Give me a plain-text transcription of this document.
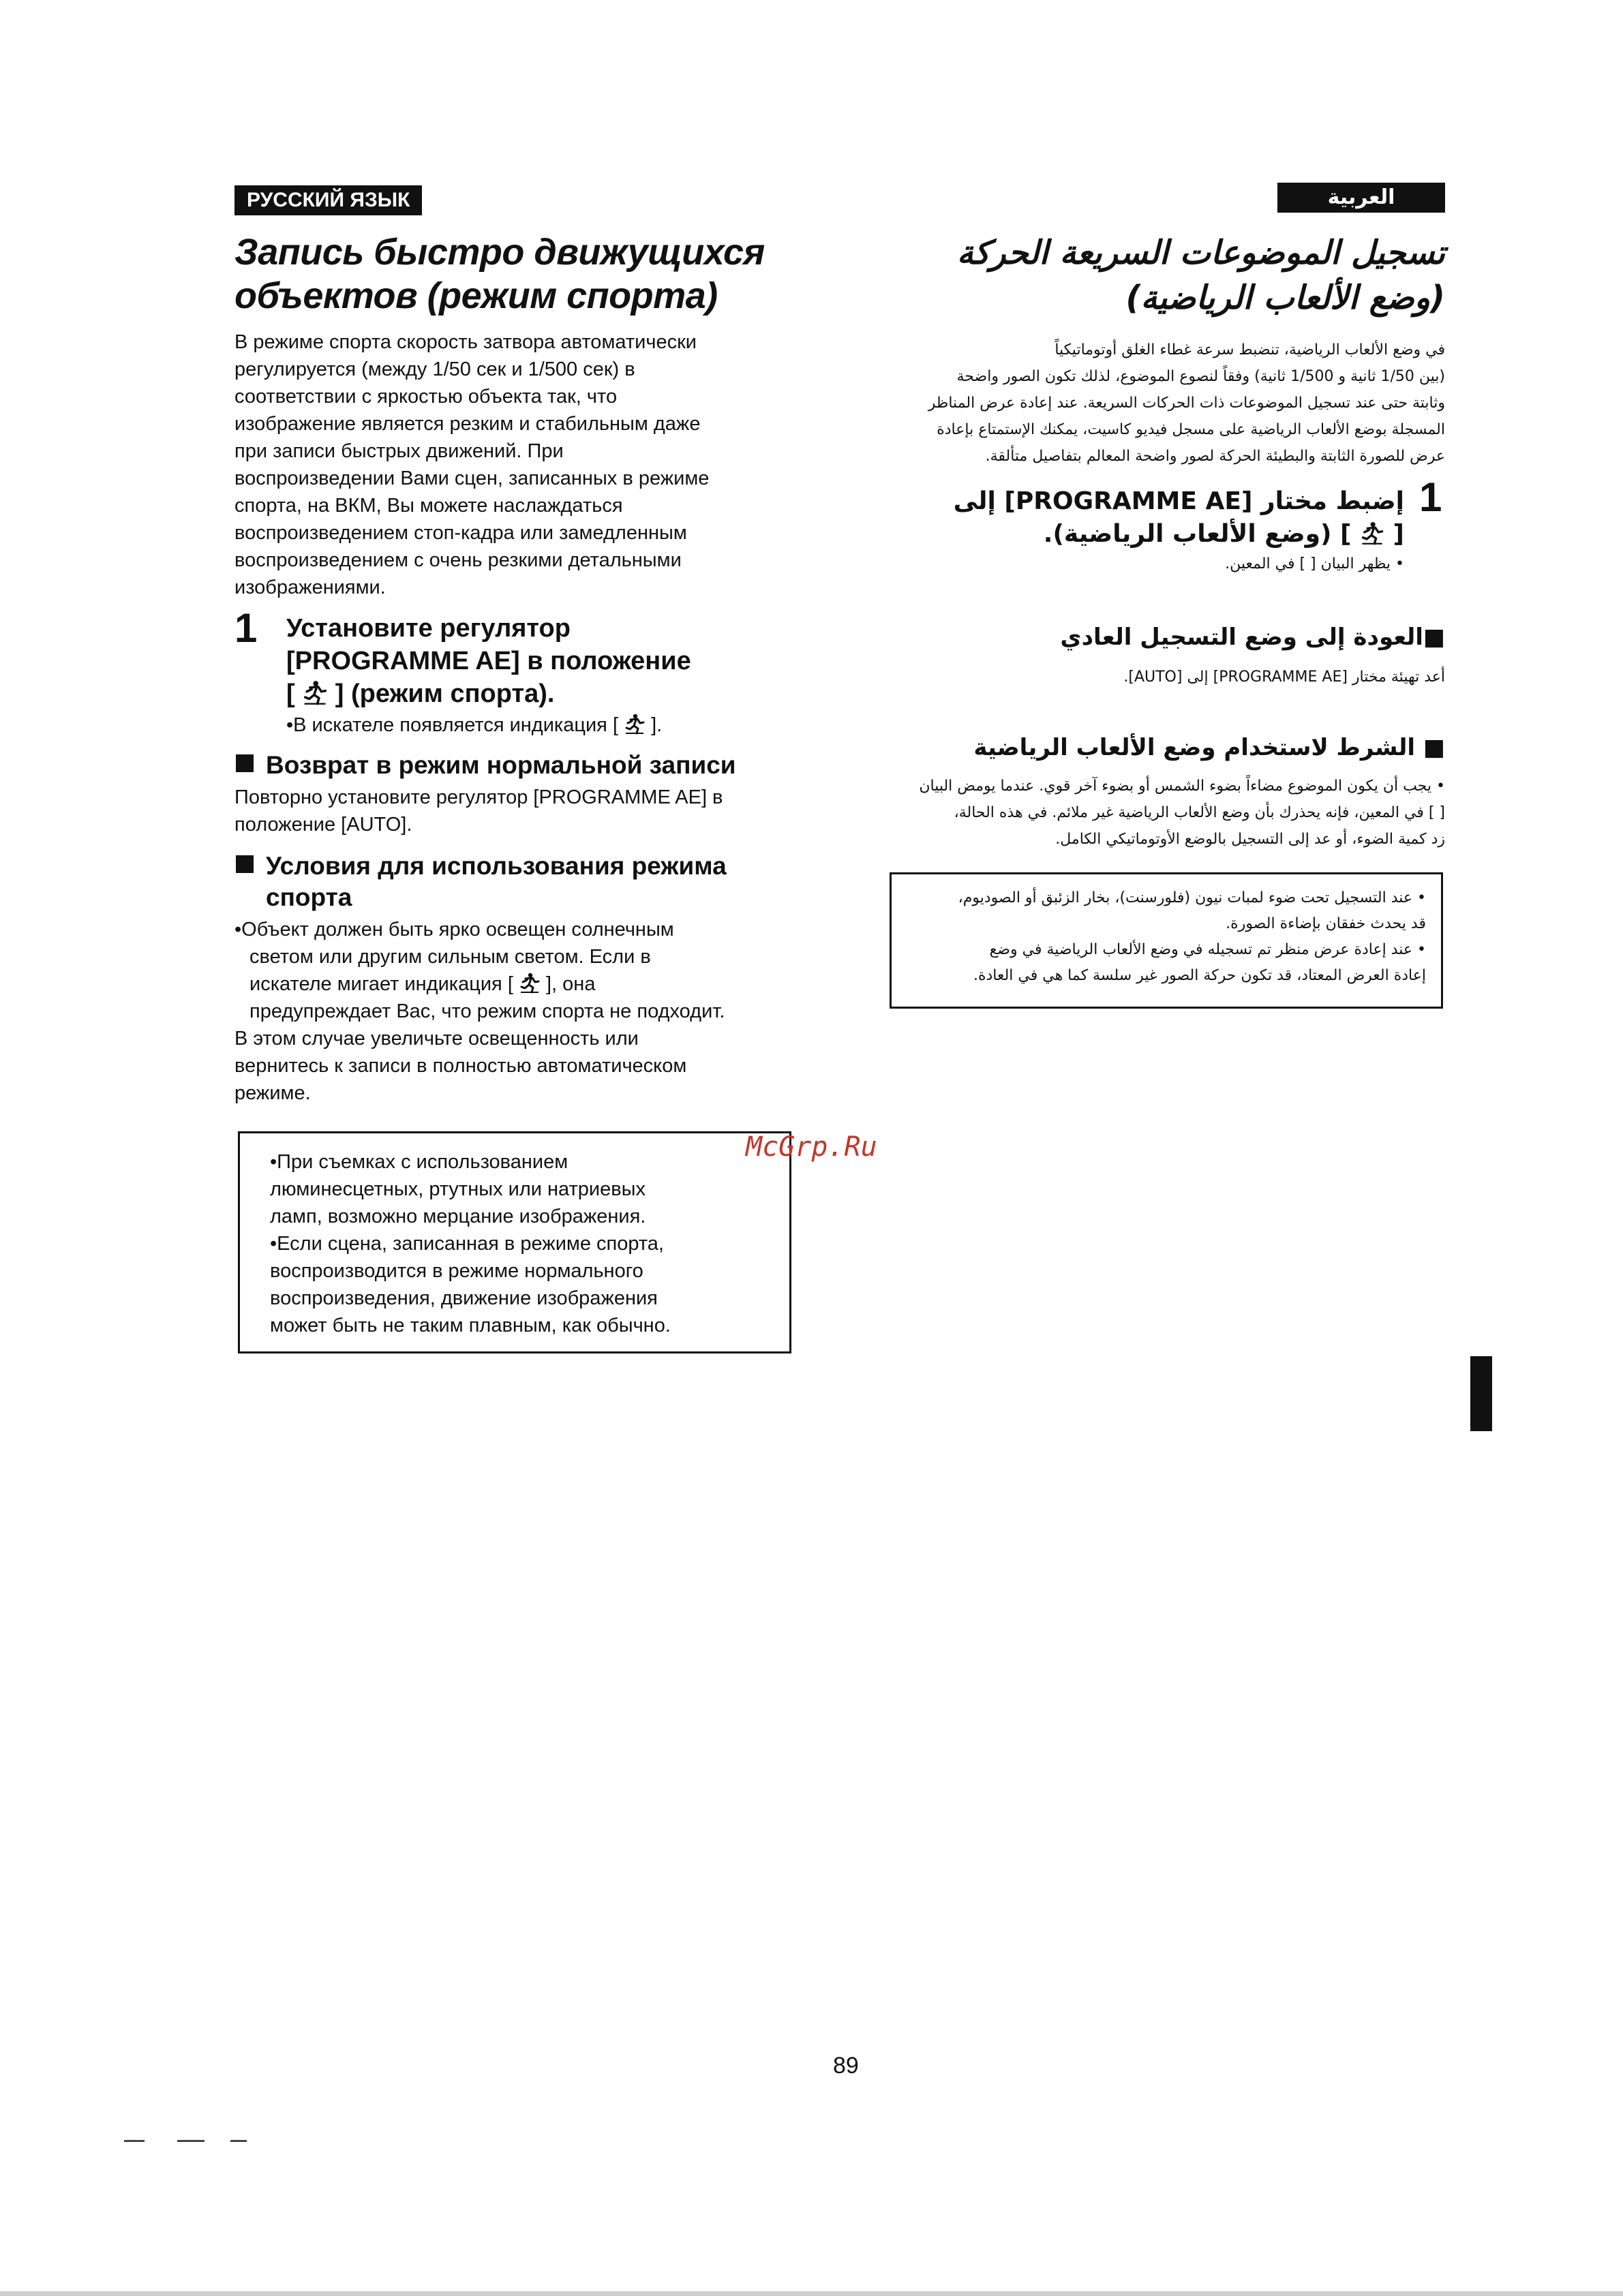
РУССКИЙ ЯЗЫК
Запись быстро движущихся
объектов (режим спорта)
В режиме спорта скорость затвора автоматически
регулируется (между 1/50 сек и 1/500 сек) в
соответствии с яркостью объекта так, что
изображение является резким и стабильным даже
при записи быстрых движений. При
воспроизведении Вами сцен, записанных в режиме
спорта, на ВКМ, Вы можете наслаждаться
воспроизведением стоп-кадра или замедленным
воспроизведением с очень резкими детальными
изображениями.
1 Установите регулятор
[PROGRAMME AE] в положение
[ ] (режим спорта).
•В искателе появляется индикация [ ].
Возврат в режим нормальной записи
Повторно установите регулятор [PROGRAMME AE] в
положение [AUTO].
Условия для использования режима
спорта
•Объект должен быть ярко освещен солнечным
светом или другим сильным светом. Если в
искателе мигает индикация [ ], она
предупреждает Вас, что режим спорта не подходит.
В этом случае увеличьте освещенность или
вернитесь к записи в полностью автоматическом
режиме.
•При съемках с использованием
люминесцетных, ртутных или натриевых
ламп, возможно мерцание изображения.
•Если сцена, записанная в режиме спорта,
воспроизводится в режиме нормального
воспроизведения, движение изображения
может быть не таким плавным, как обычно.
McGrp.Ru
العربية
تسجيل الموضوعات السريعة الحركة
(وضع الألعاب الرياضية)
في وضع الألعاب الرياضية، تنضبط سرعة غطاء الغلق أوتوماتيكياً
(بين 1/50 ثانية و 1/500 ثانية) وفقاً لنصوع الموضوع، لذلك تكون الصور واضحة
وثابتة حتى عند تسجيل الموضوعات ذات الحركات السريعة. عند إعادة عرض المناظر
المسجلة بوضع الألعاب الرياضية على مسجل فيديو كاسيت، يمكنك الإستمتاع بإعادة
عرض للصورة الثابتة والبطيئة الحركة لصور واضحة المعالم بتفاصيل متألقة.
1
إضبط مختار [PROGRAMME AE] إلى
[  ] (وضع الألعاب الرياضية).
• يظهر البيان [ ] في المعين.
■العودة إلى وضع التسجيل العادي
أعد تهيئة مختار [PROGRAMME AE] إلى [AUTO].
■ الشرط لاستخدام وضع الألعاب الرياضية
• يجب أن يكون الموضوع مضاءاً بضوء الشمس أو بضوء آخر قوي. عندما يومض البيان
[ ] في المعين، فإنه يحذرك بأن وضع الألعاب الرياضية غير ملائم. في هذه الحالة،
زد كمية الضوء، أو عد إلى التسجيل بالوضع الأوتوماتيكي الكامل.
• عند التسجيل تحت ضوء لمبات نيون (فلورسنت)، بخار الزئبق أو الصوديوم،
قد يحدث خفقان بإضاءة الصورة.
• عند إعادة عرض منظر تم تسجيله في وضع الألعاب الرياضية في وضع
إعادة العرض المعتاد، قد تكون حركة الصور غير سلسة كما هي في العادة.
89
